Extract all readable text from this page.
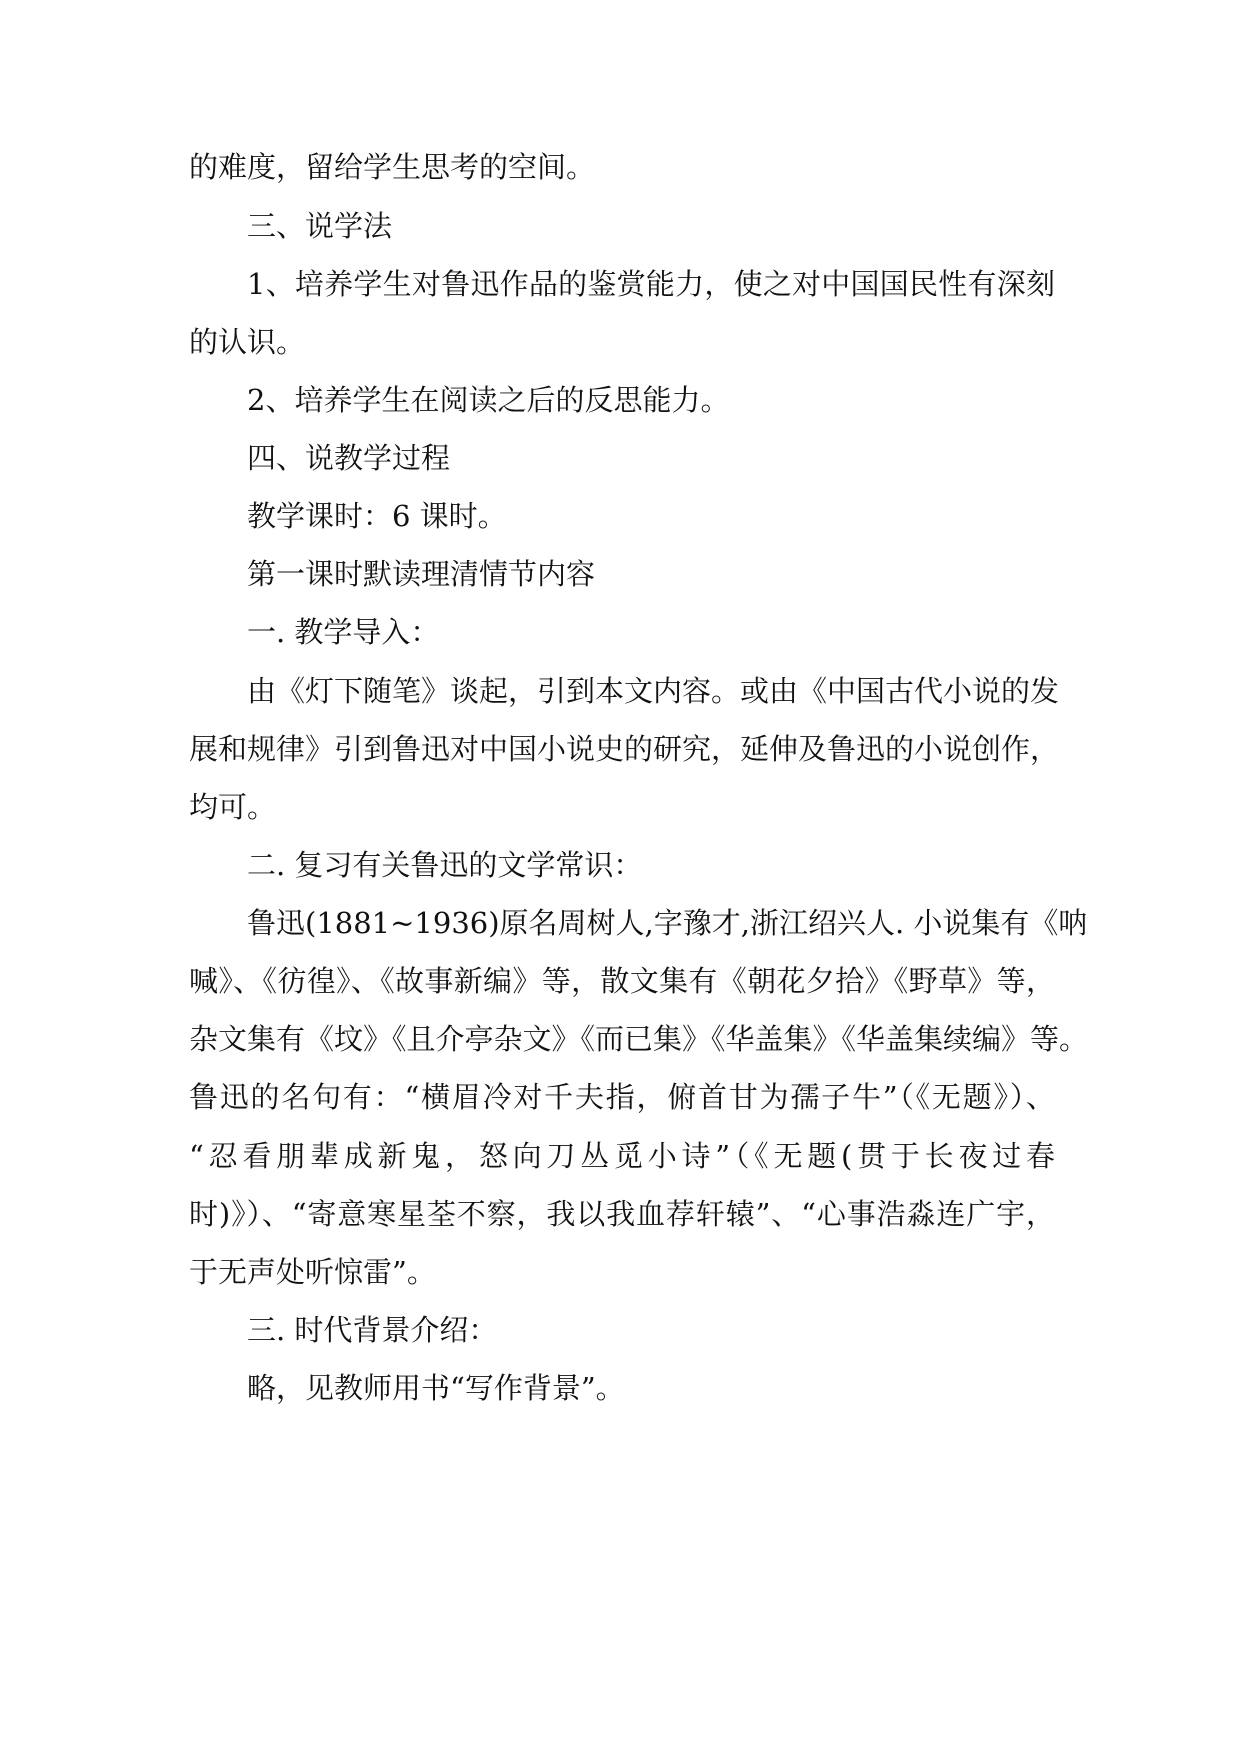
的难度，留给学生思考的空间。
三、说学法
1、培养学生对鲁迅作品的鉴赏能力，使之对中国国民性有深刻
的认识。
2、培养学生在阅读之后的反思能力。
四、说教学过程
教学课时：6 课时。
第一课时默读理清情节内容
一. 教学导入：
由《灯下随笔》谈起，引到本文内容。或由《中国古代小说的发
展和规律》引到鲁迅对中国小说史的研究，延伸及鲁迅的小说创作，
均可。
二. 复习有关鲁迅的文学常识：
鲁迅(1881~1936)原名周树人,字豫才,浙江绍兴人. 小说集有《呐
喊》、《彷徨》、《故事新编》等，散文集有《朝花夕拾》《野草》等，
杂文集有《坟》《且介亭杂文》《而已集》《华盖集》《华盖集续编》等。
鲁迅的名句有：“横眉冷对千夫指，俯首甘为孺子牛”（《无题》）、
“忍看朋辈成新鬼，怒向刀丛觅小诗”（《无题(贯于长夜过春
时)》）、“寄意寒星荃不察，我以我血荐轩辕”、“心事浩淼连广宇，
于无声处听惊雷”。
三. 时代背景介绍：
略，见教师用书“写作背景”。
